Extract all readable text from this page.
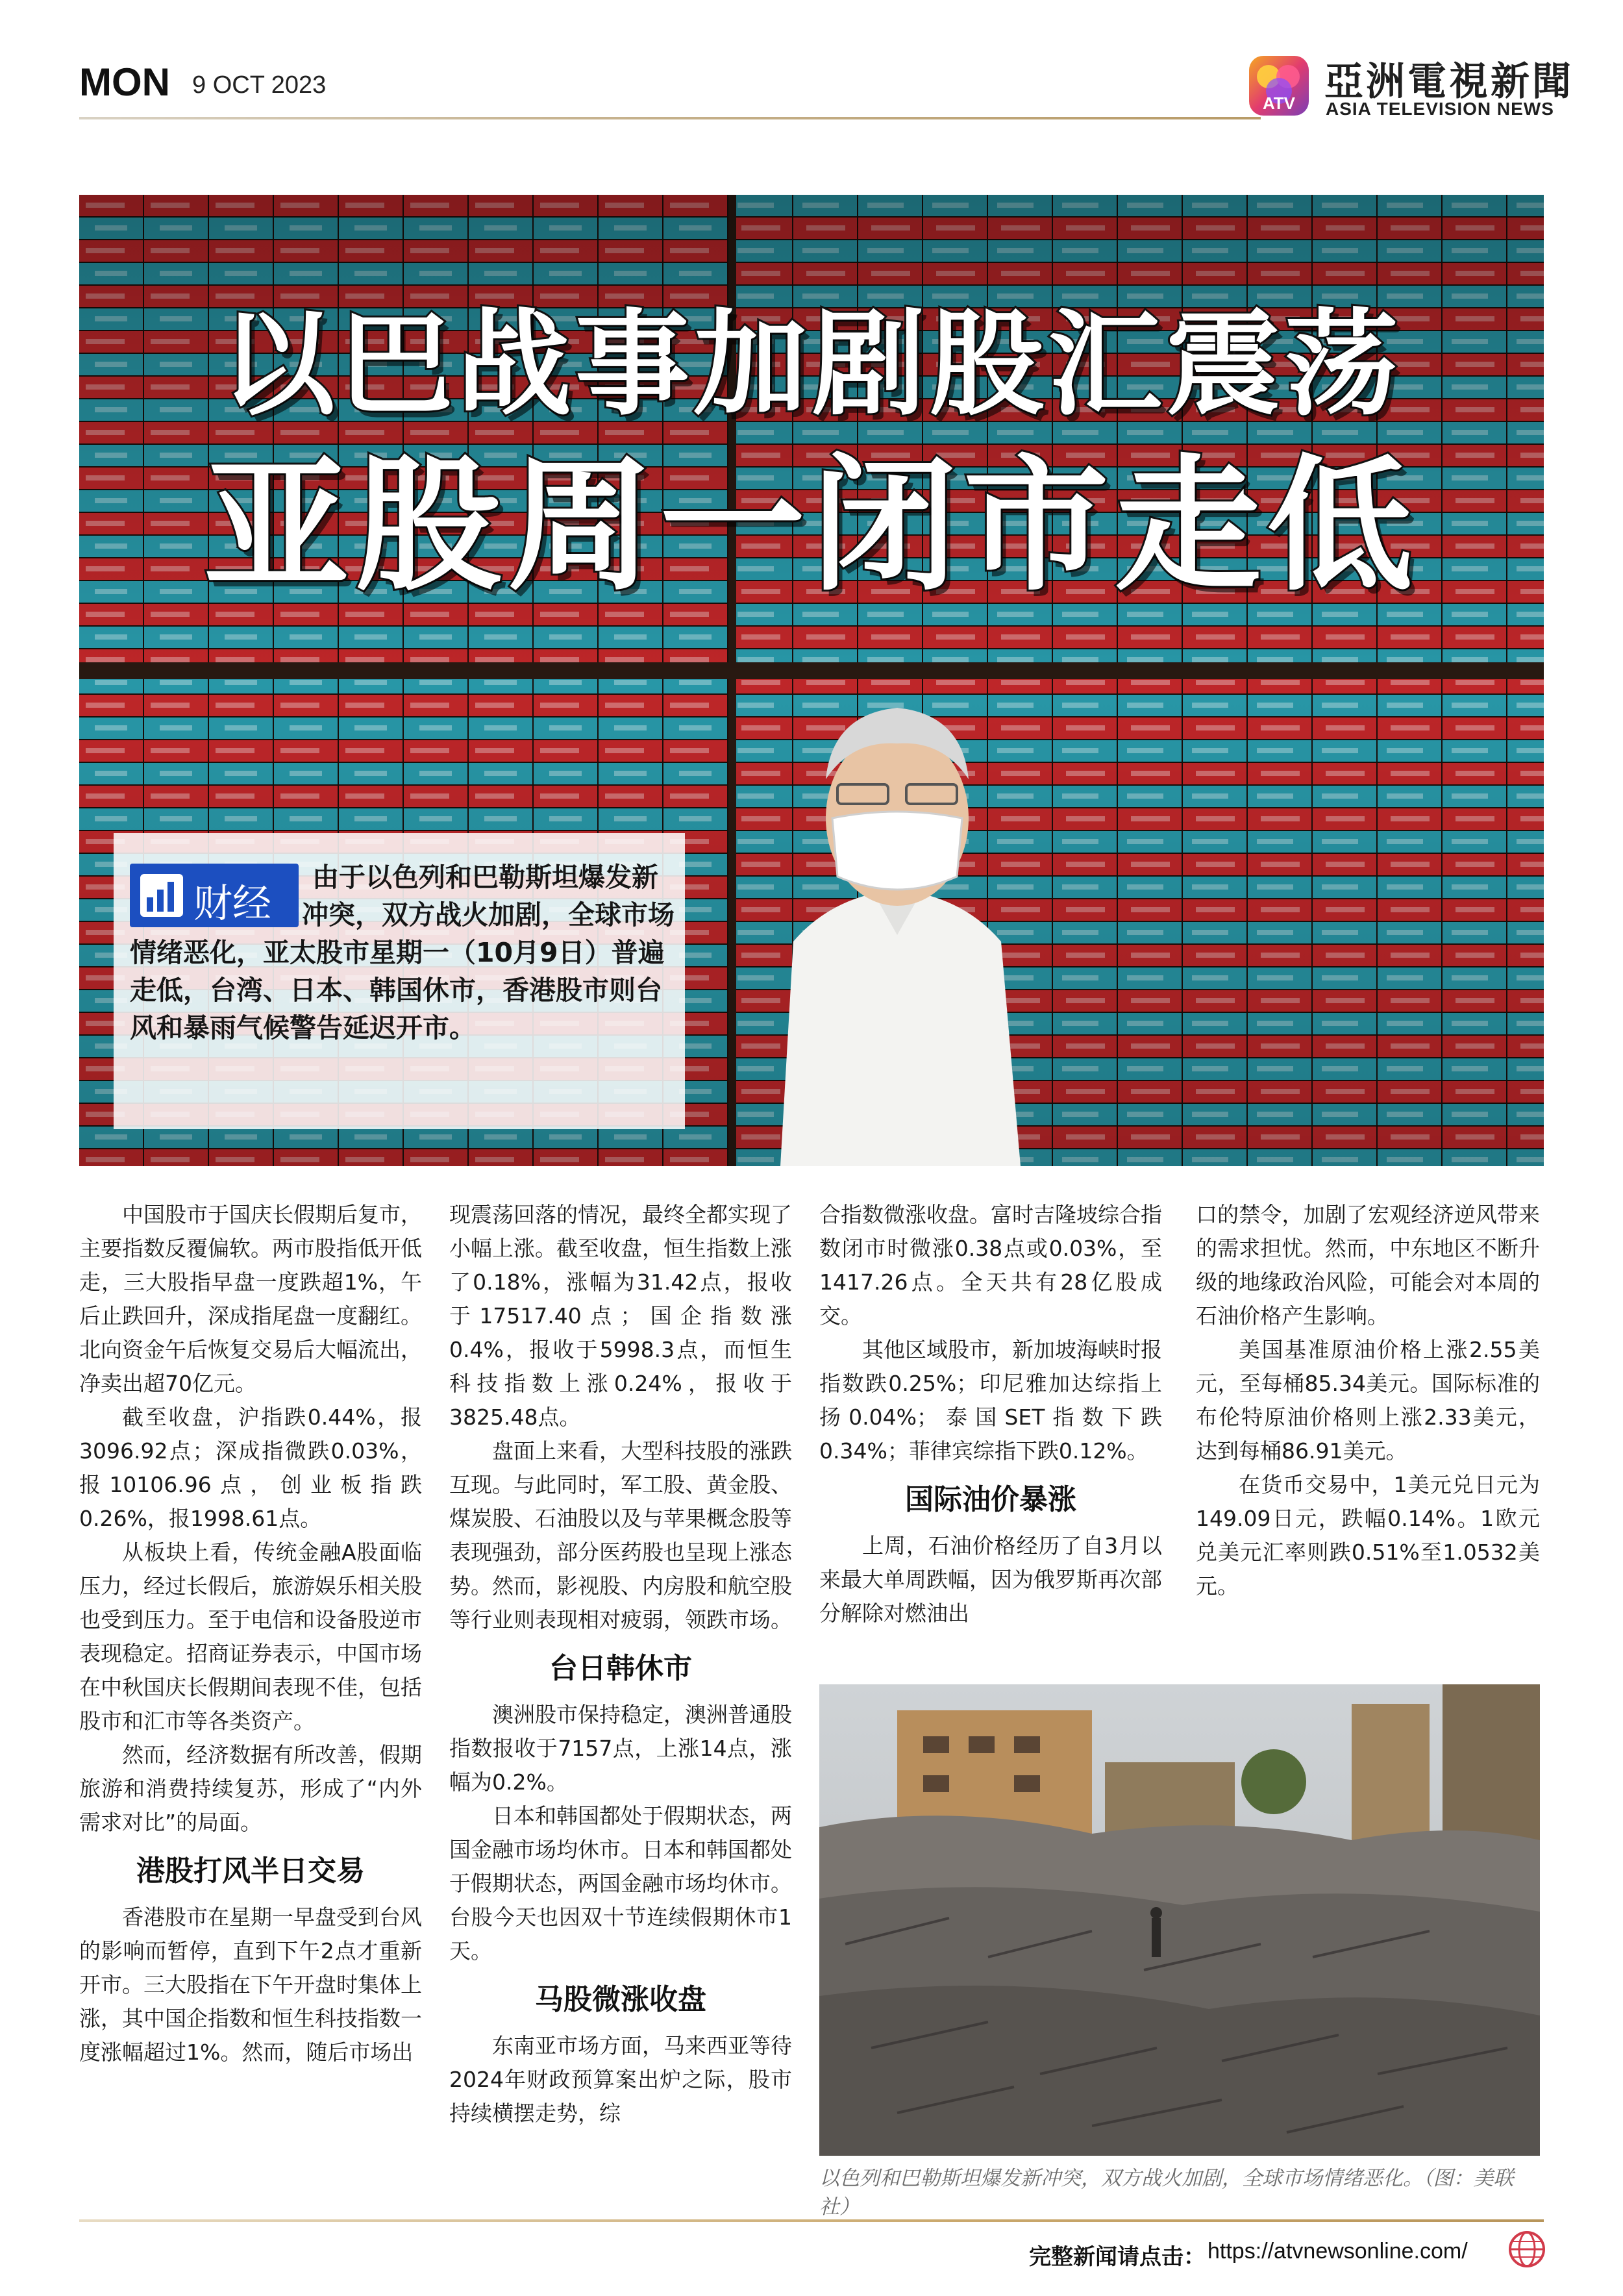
MON 9 OCT 2023
ATV 亞洲電視新聞
ASIA TELEVISION NEWS
以巴战事加剧股汇震荡
亚股周一闭市走低
由于以色列和巴勒斯坦爆发新冲突，双方战火加剧，全球市场情绪恶化，亚太股市星期一（10月9日）普遍走低，台湾、日本、韩国休市，香港股市则台风和暴雨气候警告延迟开市。
财经

中国股市于国庆长假期后复市，主要指数反覆偏软。两市股指低开低走，三大股指早盘一度跌超1%，午后止跌回升，深成指尾盘一度翻红。北向资金午后恢复交易后大幅流出，净卖出超70亿元。

截至收盘，沪指跌0.44%，报3096.92点；深成指微跌0.03%，报10106.96点，创业板指跌0.26%，报1998.61点。

从板块上看，传统金融A股面临压力，经过长假后，旅游娱乐相关股也受到压力。至于电信和设备股逆市表现稳定。招商证券表示，中国市场在中秋国庆长假期间表现不佳，包括股市和汇市等各类资产。

然而，经济数据有所改善，假期旅游和消费持续复苏，形成了“内外需求对比”的局面。

港股打风半日交易

香港股市在星期一早盘受到台风的影响而暂停，直到下午2点才重新开市。三大股指在下午开盘时集体上涨，其中国企指数和恒生科技指数一度涨幅超过1%。然而，随后市场出

现震荡回落的情况，最终全都实现了小幅上涨。截至收盘，恒生指数上涨了0.18%，涨幅为31.42点，报收于17517.40点；国企指数涨0.4%，报收于5998.3点，而恒生科技指数上涨0.24%，报收于3825.48点。

盘面上来看，大型科技股的涨跌互现。与此同时，军工股、黄金股、煤炭股、石油股以及与苹果概念股等表现强劲，部分医药股也呈现上涨态势。然而，影视股、内房股和航空股等行业则表现相对疲弱，领跌市场。

台日韩休市

澳洲股市保持稳定，澳洲普通股指数报收于7157点，上涨14点，涨幅为0.2%。

日本和韩国都处于假期状态，两国金融市场均休市。日本和韩国都处于假期状态，两国金融市场均休市。台股今天也因双十节连续假期休市1天。

马股微涨收盘

东南亚市场方面，马来西亚等待2024年财政预算案出炉之际，股市持续横摆走势，综

合指数微涨收盘。富时吉隆坡综合指数闭市时微涨0.38点或0.03%，至1417.26点。全天共有28亿股成交。

其他区域股市，新加坡海峡时报指数跌0.25%；印尼雅加达综指上扬0.04%；泰国SET指数下跌0.34%；菲律宾综指下跌0.12%。

国际油价暴涨

上周，石油价格经历了自3月以来最大单周跌幅，因为俄罗斯再次部分解除对燃油出

口的禁令，加剧了宏观经济逆风带来的需求担忧。然而，中东地区不断升级的地缘政治风险，可能会对本周的石油价格产生影响。

美国基准原油价格上涨2.55美元，至每桶85.34美元。国际标准的布伦特原油价格则上涨2.33美元，达到每桶86.91美元。

在货币交易中，1美元兑日元为149.09日元，跌幅0.14%。1欧元兑美元汇率则跌0.51%至1.0532美元。

以色列和巴勒斯坦爆发新冲突，双方战火加剧，全球市场情绪恶化。（图：美联社）
完整新闻请点击： https://atvnewsonline.com/
